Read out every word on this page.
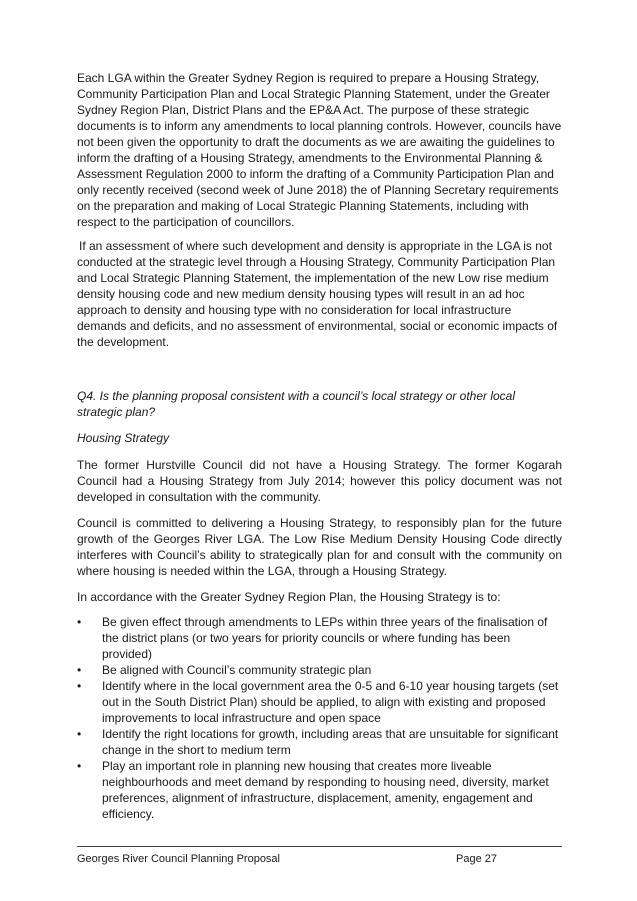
Each LGA within the Greater Sydney Region is required to prepare a Housing Strategy, Community Participation Plan and Local Strategic Planning Statement, under the Greater Sydney Region Plan, District Plans and the EP&A Act. The purpose of these strategic documents is to inform any amendments to local planning controls. However, councils have not been given the opportunity to draft the documents as we are awaiting the guidelines to inform the drafting of a Housing Strategy, amendments to the Environmental Planning & Assessment Regulation 2000 to inform the drafting of a Community Participation Plan and only recently received (second week of June 2018) the of Planning Secretary requirements on the preparation and making of Local Strategic Planning Statements, including with respect to the participation of councillors.

If an assessment of where such development and density is appropriate in the LGA is not conducted at the strategic level through a Housing Strategy, Community Participation Plan and Local Strategic Planning Statement, the implementation of the new Low rise medium density housing code and new medium density housing types will result in an ad hoc approach to density and housing type with no consideration for local infrastructure demands and deficits, and no assessment of environmental, social or economic impacts of the development.

Q4. Is the planning proposal consistent with a council’s local strategy or other local strategic plan?

Housing Strategy

The former Hurstville Council did not have a Housing Strategy. The former Kogarah Council had a Housing Strategy from July 2014; however this policy document was not developed in consultation with the community.

Council is committed to delivering a Housing Strategy, to responsibly plan for the future growth of the Georges River LGA. The Low Rise Medium Density Housing Code directly interferes with Council’s ability to strategically plan for and consult with the community on where housing is needed within the LGA, through a Housing Strategy.

In accordance with the Greater Sydney Region Plan, the Housing Strategy is to:

•	Be given effect through amendments to LEPs within three years of the finalisation of the district plans (or two years for priority councils or where funding has been provided)
•	Be aligned with Council’s community strategic plan
•	Identify where in the local government area the 0-5 and 6-10 year housing targets (set out in the South District Plan) should be applied, to align with existing and proposed improvements to local infrastructure and open space
•	Identify the right locations for growth, including areas that are unsuitable for significant change in the short to medium term
•	Play an important role in planning new housing that creates more liveable neighbourhoods and meet demand by responding to housing need, diversity, market preferences, alignment of infrastructure, displacement, amenity, engagement and efficiency.
Georges River Council Planning Proposal	Page 27
